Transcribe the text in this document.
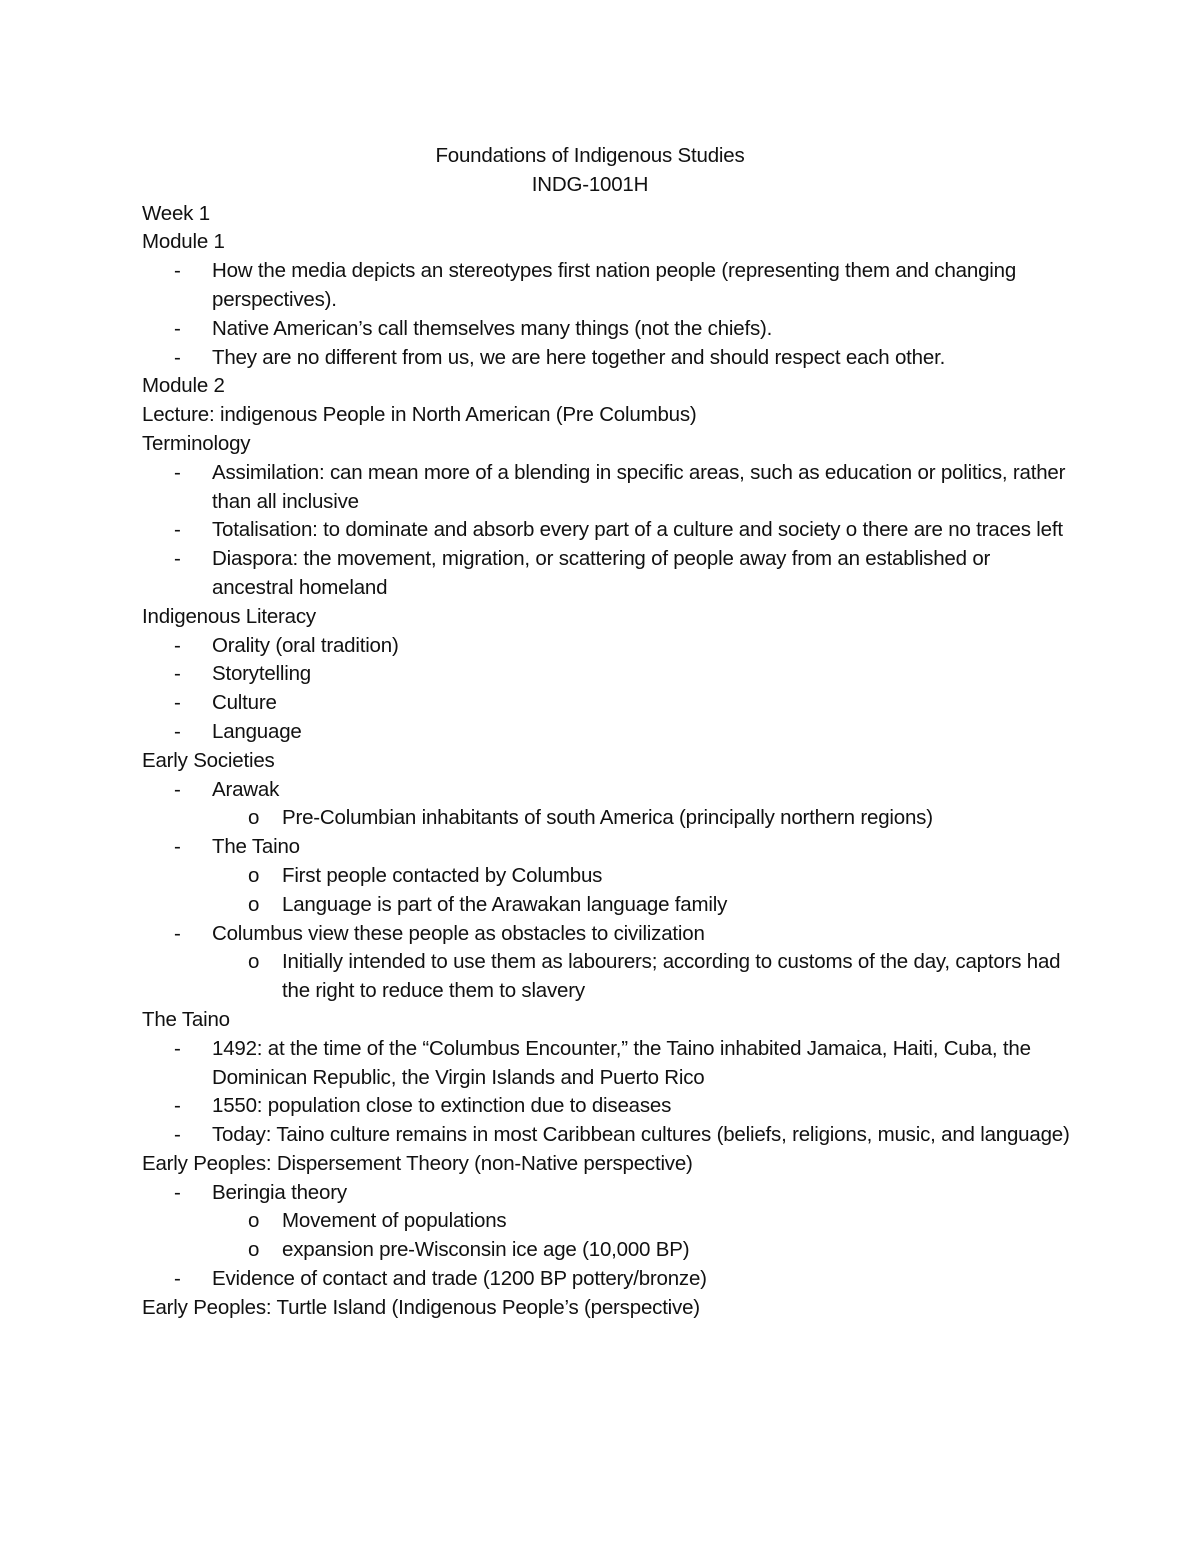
Foundations of Indigenous Studies
INDG-1001H
Week 1
Module 1
- How the media depicts an stereotypes first nation people (representing them and changing perspectives).
- Native American’s call themselves many things (not the chiefs).
- They are no different from us, we are here together and should respect each other.
Module 2
Lecture: indigenous People in North American (Pre Columbus)
Terminology
- Assimilation: can mean more of a blending in specific areas, such as education or politics, rather than all inclusive
- Totalisation: to dominate and absorb every part of a culture and society o there are no traces left
- Diaspora: the movement, migration, or scattering of people away from an established or ancestral homeland
Indigenous Literacy
- Orality (oral tradition)
- Storytelling
- Culture
- Language
Early Societies
- Arawak
o Pre-Columbian inhabitants of south America (principally northern regions)
- The Taino
o First people contacted by Columbus
o Language is part of the Arawakan language family
- Columbus view these people as obstacles to civilization
o Initially intended to use them as labourers; according to customs of the day, captors had the right to reduce them to slavery
The Taino
- 1492: at the time of the “Columbus Encounter,” the Taino inhabited Jamaica, Haiti, Cuba, the Dominican Republic, the Virgin Islands and Puerto Rico
- 1550: population close to extinction due to diseases
- Today: Taino culture remains in most Caribbean cultures (beliefs, religions, music, and language)
Early Peoples: Dispersement Theory (non-Native perspective)
- Beringia theory
o Movement of populations
o expansion pre-Wisconsin ice age (10,000 BP)
- Evidence of contact and trade (1200 BP pottery/bronze)
Early Peoples: Turtle Island (Indigenous People’s (perspective)
